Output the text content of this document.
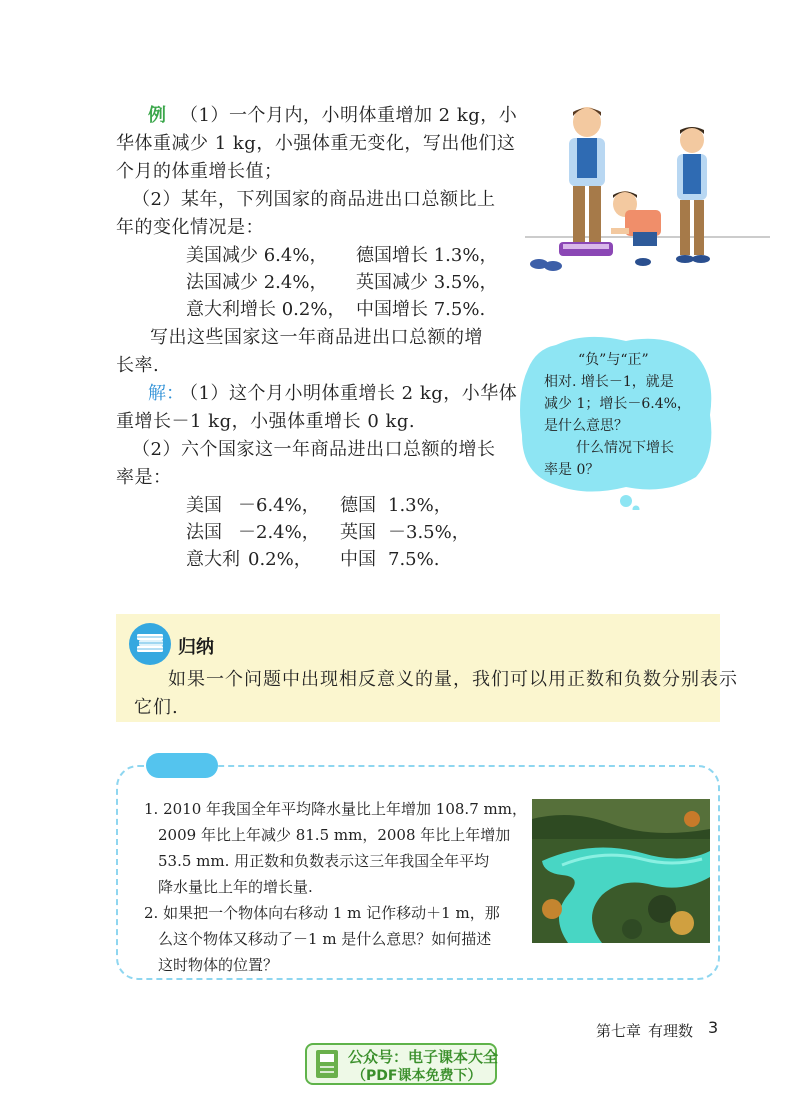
例 （1）一个月内，小明体重增加 2 kg，小
华体重减少 1 kg，小强体重无变化，写出他们这
个月的体重增长值；
（2）某年，下列国家的商品进出口总额比上
年的变化情况是：
美国减少 6.4%， 德国增长 1.3%，
法国减少 2.4%， 英国减少 3.5%，
意大利增长 0.2%， 中国增长 7.5%.
写出这些国家这一年商品进出口总额的增
长率.
解 ：
（1）这个月小明体重增长 2 kg，小华体
重增长－1 kg，小强体重增长 0 kg.
（2）六个国家这一年商品进出口总额的增长
率是：
美国 －6.4%， 德国 1.3%，
法国 －2.4%， 英国 －3.5%，
意大利 0.2%， 中国 7.5%.
“负”与“正”
相对. 增长－1，就是
减少 1；增长－6.4%，
是什么意思？
什么情况下增长
率是 0？
归纳
如果一个问题中出现相反意义的量，我们可以用正数和负数分别表示
它们.
1. 2010 年我国全年平均降水量比上年增加 108.7 mm，
2009 年比上年减少 81.5 mm，2008 年比上年增加
53.5 mm. 用正数和负数表示这三年我国全年平均
降水量比上年的增长量.
2. 如果把一个物体向右移动 1 m 记作移动＋1 m，那
么这个物体又移动了－1 m 是什么意思？如何描述
这时物体的位置？
第七章 有理数 3
公众号：电子课本大全
（PDF课本免费下）
